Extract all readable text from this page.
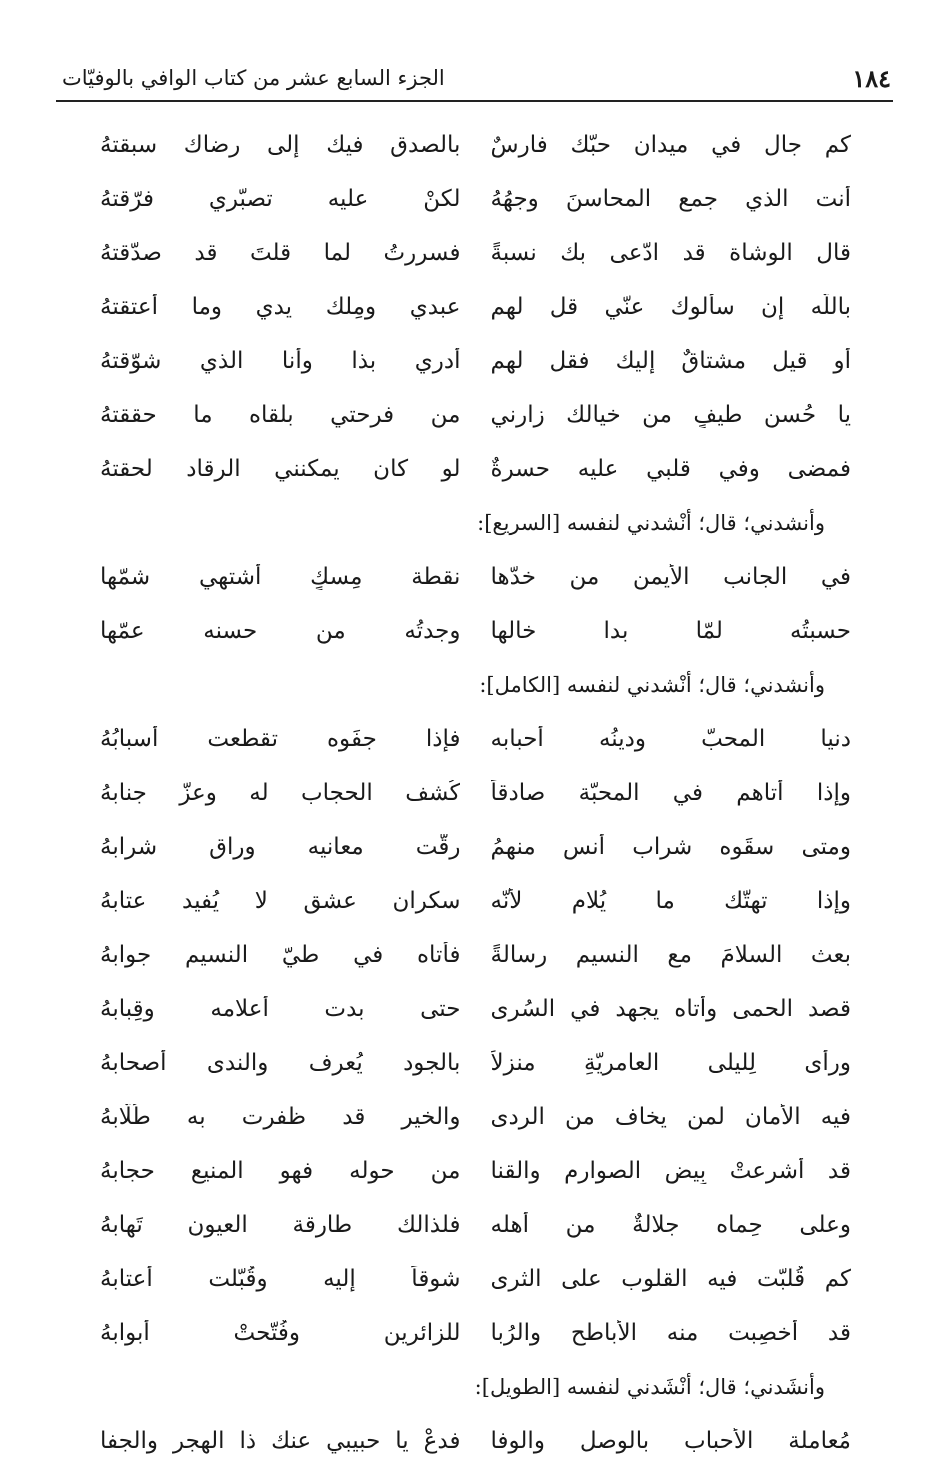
١٨٤
الجزء السابع عشر من كتاب الوافي بالوفيّات
كم جال في ميدان حبّك فارسٌ
بالصدق فيك إلى رضاك سبقتهُ
أنت الذي جمع المحاسنَ وجهُهُ
لكنْ عليه تصبّري فرّقتهُ
قال الوشاة قد ادّعى بك نسبةً
فسررتُ لما قلتَ قد صدّقتهُ
باللّه إن سألوك عنّي قل لهم
عبدي ومِلك يدي وما أعتقتهُ
أو قيل مشتاقٌ إليك فقل لهم
أدري بذا وأنا الذي شوّقتهُ
يا حُسن طيفٍ من خيالك زارني
من فرحتي بلقاه ما حققتهُ
فمضى وفي قلبي عليه حسرةٌ
لو كان يمكنني الرقاد لحقتهُ
وأنشدني؛ قال؛ أنْشدني لنفسه [السريع]:
في الجانب الأيمن من خدّها
نقطة مِسكٍ أشتهي شمّها
حسبتُه لمّا بدا خالها
وجدتُه من حسنه عمّها
وأنشدني؛ قال؛ أنْشدني لنفسه [الكامل]:
دنيا المحبّ ودينُه أحبابه
فإذا جفَوه تقطعت أسبابُهُ
وإذا أتاهم في المحبّة صادقاً
كُشف الحجاب له وعزّ جنابهُ
ومتى سقَوه شراب أُنسٍ منهمُ
رقّت معانيه وراق شرابهُ
وإذا تهتّك ما يُلام لأنّه
سكران عشقٍ لا يُفيد عتابهُ
بعث السلامَ مع النسيم رسالةً
فأتاه في طيّ النسيم جوابهُ
قصد الحمى وأتاه يجهد في السُرى
حتى بدت أعلامه وقِبابهُ
ورأى لِليلى العامريّةِ منزلاً
بالجود يُعرف والندى أصحابهُ
فيه الأمان لمن يخاف من الردى
والخير قد ظفرت به طُلّابهُ
قد أُشرعتْ بِيض الصوارم والقنا
من حوله فهو المنيع حجابهُ
وعلى حِماه جلالةٌ من أهله
فلذالك طارقة العيون تَهابهُ
كم قُلبّت فيه القلوب على الثرى
شوقاً إليه وقُبّلت أعتابهُ
قد أُخصِبت منه الأباطح والرُبا
للزائرين وفُتّحتْ أبوابهُ
وأنشَدني؛ قال؛ أنْشَدني لنفسه [الطويل]:
مُعاملة الأحباب بالوصل والوفا
فدعْ يا حبيبي عنك ذا الهجر والجفا
